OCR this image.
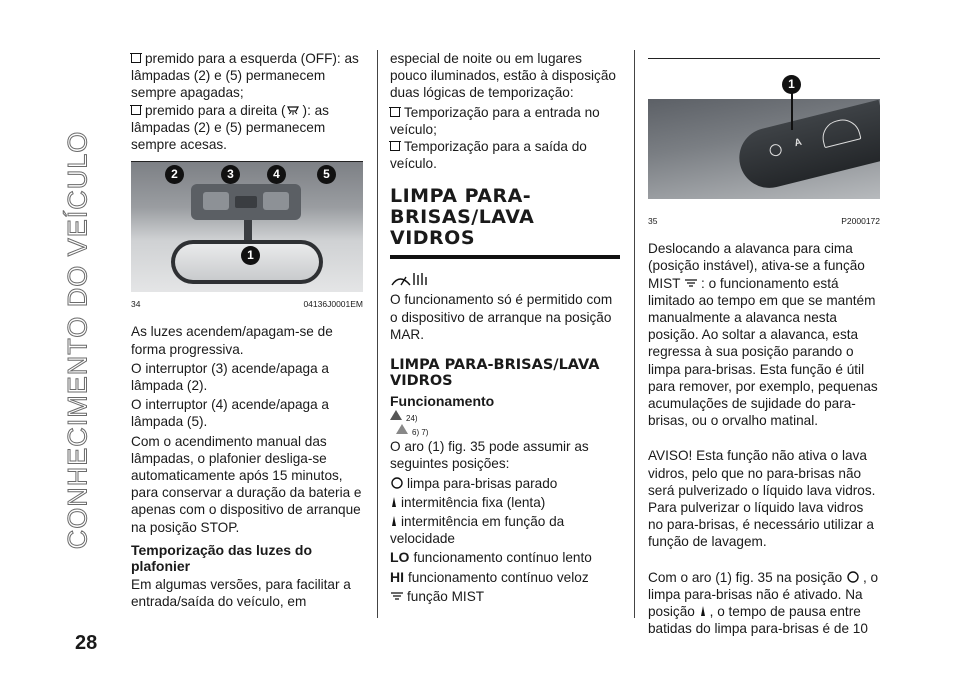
CONHECIMENTO DO VEÍCULO
28

premido para a esquerda (OFF): as lâmpadas (2) e (5) permanecem sempre apagadas;

premido para a direita ( ): as lâmpadas (2) e (5) permanecem sempre acesas.

2	3	4	5
1
34	04136J0001EM

As luzes acendem/apagam-se de forma progressiva.

O interruptor (3) acende/apaga a lâmpada (2).

O interruptor (4) acende/apaga a lâmpada (5).

Com o acendimento manual das lâmpadas, o plafonier desliga-se automaticamente após 15 minutos, para conservar a duração da bateria e apenas com o dispositivo de arranque na posição STOP.

Temporização das luzes do plafonier

Em algumas versões, para facilitar a entrada/saída do veículo, em

especial de noite ou em lugares pouco iluminados, estão à disposição duas lógicas de temporização:

Temporização para a entrada no veículo;

Temporização para a saída do veículo.

LIMPA PARA-BRISAS/LAVA VIDROS

O funcionamento só é permitido com o dispositivo de arranque na posição MAR.

LIMPA PARA-BRISAS/LAVA VIDROS

Funcionamento

24)
6) 7)

O aro (1) fig. 35 pode assumir as seguintes posições:

limpa para-brisas parado

intermitência fixa (lenta)

intermitência em função da velocidade

LO funcionamento contínuo lento

HI funcionamento contínuo veloz

função MIST

A
1
35	P2000172

Deslocando a alavanca para cima (posição instável), ativa-se a função MIST : o funcionamento está limitado ao tempo em que se mantém manualmente a alavanca nesta posição. Ao soltar a alavanca, esta regressa à sua posição parando o limpa para-brisas. Esta função é útil para remover, por exemplo, pequenas acumulações de sujidade do para-brisas, ou o orvalho matinal.

AVISO! Esta função não ativa o lava vidros, pelo que no para-brisas não será pulverizado o líquido lava vidros. Para pulverizar o líquido lava vidros no para-brisas, é necessário utilizar a função de lavagem.

Com o aro (1) fig. 35 na posição , o limpa para-brisas não é ativado. Na posição , o tempo de pausa entre batidas do limpa para-brisas é de 10
